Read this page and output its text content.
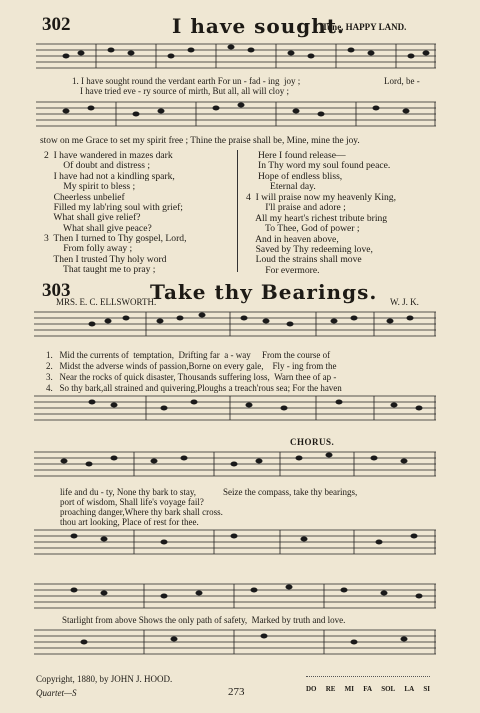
302	I have sought.
Tune, HAPPY LAND.
1. I have sought round the verdant earth For un - fad - ing  joy ;	Lord, be -
I have tried eve - ry source of mirth, But all, all will cloy ;
stow on me Grace to set my spirit free ; Thine the praise shall be, Mine, mine the joy.
2  I have wandered in mazes dark
Of doubt and distress ;
I have had not a kindling spark,
My spirit to bless ;
Cheerless unbelief
Filled my lab'ring soul with grief;
What shall give relief?
What shall give peace?
3  Then I turned to Thy gospel, Lord,
From folly away ;
Then I trusted Thy holy word
That taught me to pray ;
Here I found release—
In Thy word my soul found peace.
Hope of endless bliss,
Eternal day.
4  I will praise now my heavenly King,
I'll praise and adore ;
All my heart's richest tribute bring
To Thee, God of power ;
And in heaven above,
Saved by Thy redeeming love,
Loud the strains shall move
For evermore.
303	Take thy Bearings.
MRS. E. C. ELLSWORTH.	W. J. K.
1.   Mid the currents of  temptation,  Drifting far  a - way     From the course of
2.   Midst the adverse winds of passion,Borne on every gale,    Fly - ing from the
3.   Near the rocks of quick disaster, Thousands suffering loss,  Warn thee of ap -
4.   So thy bark,all strained and quivering,Ploughs a treach'rous sea; For the haven
CHORUS.
life and du - ty, None thy bark to stay,            Seize the compass, take thy bearings,
port of wisdom, Shall life's voyage fail?
proaching danger,Where thy bark shall cross.
thou art looking, Place of rest for thee.
Starlight from above Shows the only path of safety,  Marked by truth and love.
Copyright, 1880, by JOHN J. HOOD.
Quartet—S	273	DO RE MI FA SOL LA SI
